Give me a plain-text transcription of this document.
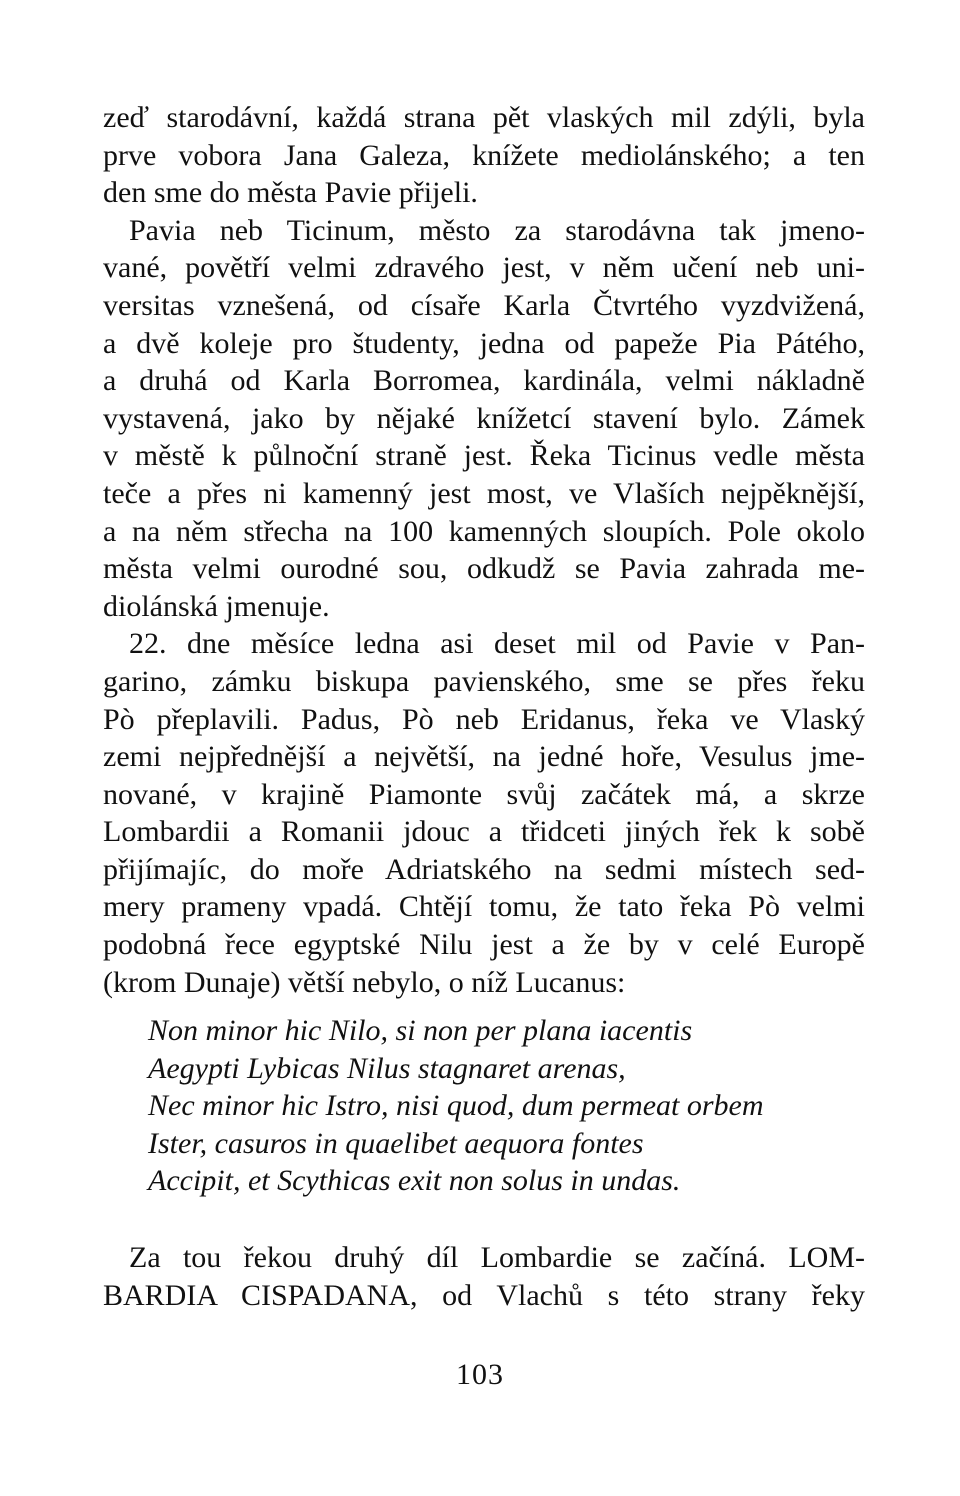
zeď starodávní, každá strana pět vlaských mil zdýli, byla
prve vobora Jana Galeza, knížete mediolánského; a ten
den sme do města Pavie přijeli.
Pavia neb Ticinum, město za starodávna tak jmeno-
vané, povětří velmi zdravého jest, v něm učení neb uni-
versitas vznešená, od císaře Karla Čtvrtého vyzdvižená,
a dvě koleje pro študenty, jedna od papeže Pia Pátého,
a druhá od Karla Borromea, kardinála, velmi nákladně
vystavená, jako by nějaké knížetcí stavení bylo. Zámek
v městě k půlnoční straně jest. Řeka Ticinus vedle města
teče a přes ni kamenný jest most, ve Vlaších nejpěknější,
a na něm střecha na 100 kamenných sloupích. Pole okolo
města velmi ourodné sou, odkudž se Pavia zahrada me-
diolánská jmenuje.
22. dne měsíce ledna asi deset mil od Pavie v Pan-
garino, zámku biskupa pavienského, sme se přes řeku
Pò přeplavili. Padus, Pò neb Eridanus, řeka ve Vlaský
zemi nejpřednější a největší, na jedné hoře, Vesulus jme-
nované, v krajině Piamonte svůj začátek má, a skrze
Lombardii a Romanii jdouc a třidceti jiných řek k sobě
přijímajíc, do moře Adriatského na sedmi místech sed-
mery prameny vpadá. Chtějí tomu, že tato řeka Pò velmi
podobná řece egyptské Nilu jest a že by v celé Europě
(krom Dunaje) větší nebylo, o níž Lucanus:
Non minor hic Nilo, si non per plana iacentis
Aegypti Lybicas Nilus stagnaret arenas,
Nec minor hic Istro, nisi quod, dum permeat orbem
Ister, casuros in quaelibet aequora fontes
Accipit, et Scythicas exit non solus in undas.
Za tou řekou druhý díl Lombardie se začíná. LOM-
BARDIA CISPADANA, od Vlachů s této strany řeky
103
